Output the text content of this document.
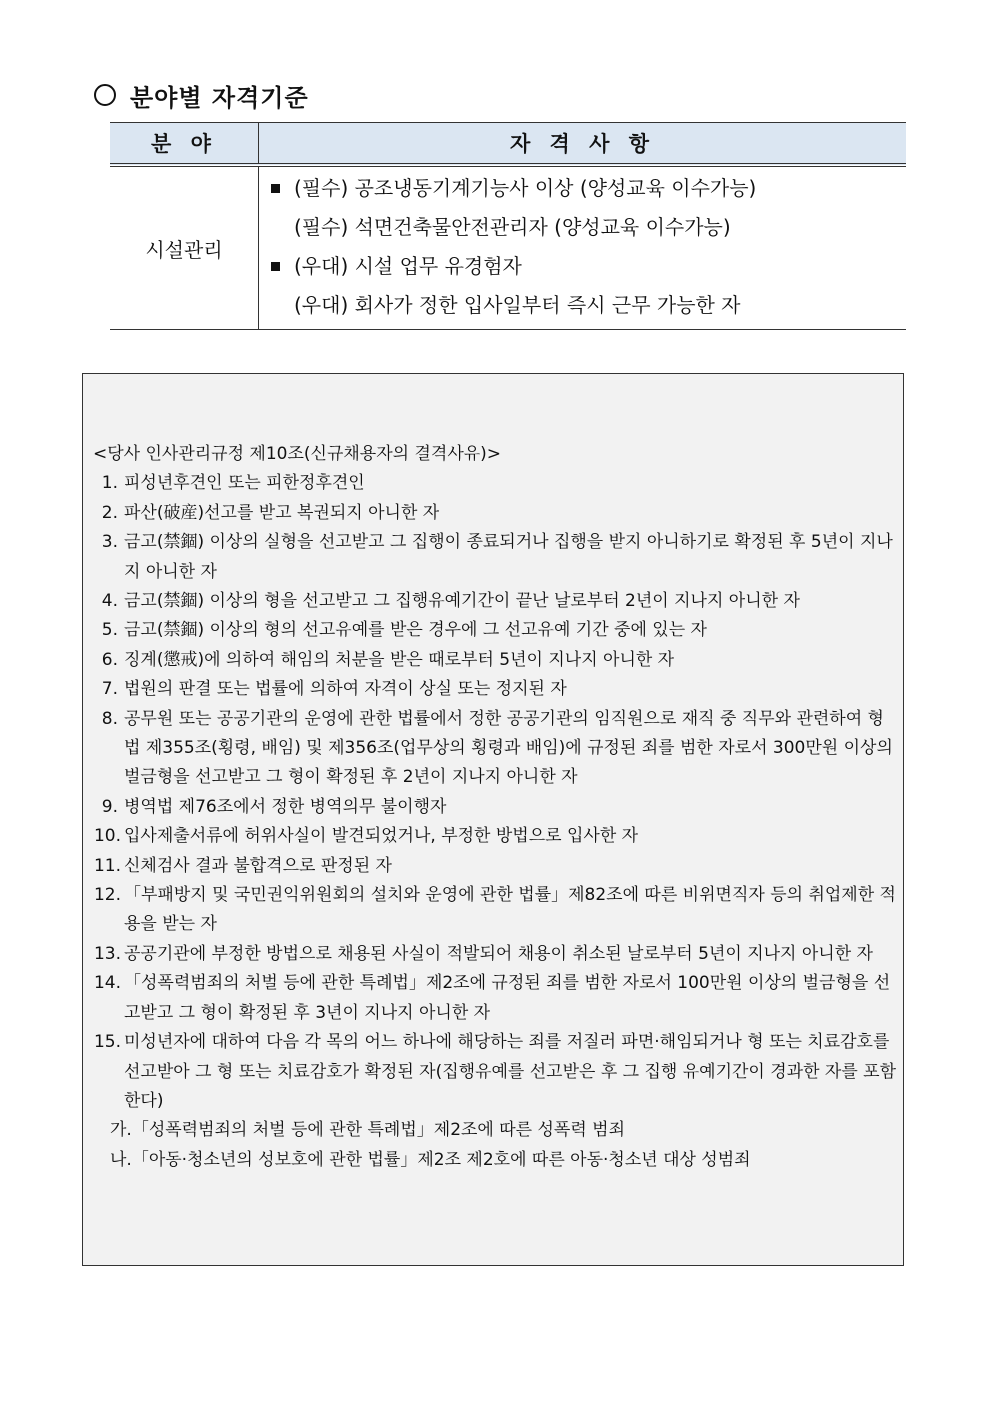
분야별 자격기준
분 야	자 격 사 항
시설관리	(필수) 공조냉동기계기능사 이상 (양성교육 이수가능)
(필수) 석면건축물안전관리자 (양성교육 이수가능)
(우대) 시설 업무 유경험자
(우대) 회사가 정한 입사일부터 즉시 근무 가능한 자
<당사 인사관리규정 제10조(신규채용자의 결격사유)>
1. 피성년후견인 또는 피한정후견인
2. 파산(破産)선고를 받고 복권되지 아니한 자
3. 금고(禁錮) 이상의 실형을 선고받고 그 집행이 종료되거나 집행을 받지 아니하기로 확정된 후 5년이 지나지 아니한 자
4. 금고(禁錮) 이상의 형을 선고받고 그 집행유예기간이 끝난 날로부터 2년이 지나지 아니한 자
5. 금고(禁錮) 이상의 형의 선고유예를 받은 경우에 그 선고유예 기간 중에 있는 자
6. 징계(懲戒)에 의하여 해임의 처분을 받은 때로부터 5년이 지나지 아니한 자
7. 법원의 판결 또는 법률에 의하여 자격이 상실 또는 정지된 자
8. 공무원 또는 공공기관의 운영에 관한 법률에서 정한 공공기관의 임직원으로 재직 중 직무와 관련하여 형법 제355조(횡령, 배임) 및 제356조(업무상의 횡령과 배임)에 규정된 죄를 범한 자로서 300만원 이상의 벌금형을 선고받고 그 형이 확정된 후 2년이 지나지 아니한 자
9. 병역법 제76조에서 정한 병역의무 불이행자
10. 입사제출서류에 허위사실이 발견되었거나, 부정한 방법으로 입사한 자
11. 신체검사 결과 불합격으로 판정된 자
12. 「부패방지 및 국민권익위원회의 설치와 운영에 관한 법률」제82조에 따른 비위면직자 등의 취업제한 적용을 받는 자
13. 공공기관에 부정한 방법으로 채용된 사실이 적발되어 채용이 취소된 날로부터 5년이 지나지 아니한 자
14. 「성폭력범죄의 처벌 등에 관한 특례법」제2조에 규정된 죄를 범한 자로서 100만원 이상의 벌금형을 선고받고 그 형이 확정된 후 3년이 지나지 아니한 자
15. 미성년자에 대하여 다음 각 목의 어느 하나에 해당하는 죄를 저질러 파면·해임되거나 형 또는 치료감호를 선고받아 그 형 또는 치료감호가 확정된 자(집행유예를 선고받은 후 그 집행 유예기간이 경과한 자를 포함한다)
가.「성폭력범죄의 처벌 등에 관한 특례법」제2조에 따른 성폭력 범죄
나.「아동·청소년의 성보호에 관한 법률」제2조 제2호에 따른 아동·청소년 대상 성범죄
